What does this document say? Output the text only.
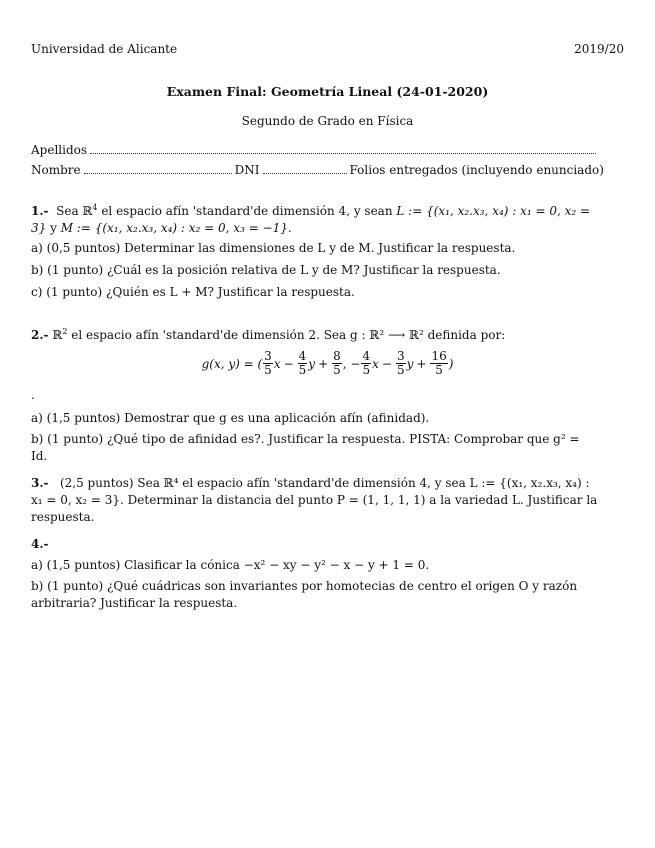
Universidad de Alicante	2019/20
Examen Final: Geometría Lineal (24-01-2020)
Segundo de Grado en Física
Apellidos
Nombre	DNI	Folios entregados (incluyendo enunciado)
1.- Sea ℝ$^4$ el espacio afín 'standard'de dimensión 4, y sean L := {(x₁, x₂.x₃, x₄) : x₁ = 0, x₂ = 3} y M := {(x₁, x₂.x₃, x₄) : x₂ = 0, x₃ = −1}.
a) (0,5 puntos) Determinar las dimensiones de L y de M. Justificar la respuesta.
b) (1 punto) ¿Cuál es la posición relativa de L y de M? Justificar la respuesta.
c) (1 punto) ¿Quién es L + M? Justificar la respuesta.
2.- ℝ$^2$ el espacio afín 'standard'de dimensión 2. Sea g : ℝ² ⟶ ℝ² definida por:
g(x, y) = ( $\frac{3}{5}$ $x - \frac{4}{5}$ $y + \frac{8}{5}$ , − $\frac{4}{5}$ $x - \frac{3}{5}$ $y + \frac{16}{5}$ )
.
a) (1,5 puntos) Demostrar que g es una aplicación afín (afinidad).
b) (1 punto) ¿Qué tipo de afinidad es?. Justificar la respuesta. PISTA: Comprobar que g² = Id.
3.- (2,5 puntos) Sea ℝ⁴ el espacio afín 'standard'de dimensión 4, y sea L := {(x₁, x₂.x₃, x₄) : x₁ = 0, x₂ = 3}. Determinar la distancia del punto P = (1, 1, 1, 1) a la variedad L. Justificar la respuesta.
4.-
a) (1,5 puntos) Clasificar la cónica −x² − xy − y² − x − y + 1 = 0.
b) (1 punto) ¿Qué cuádricas son invariantes por homotecias de centro el origen O y razón arbitraria? Justificar la respuesta.
